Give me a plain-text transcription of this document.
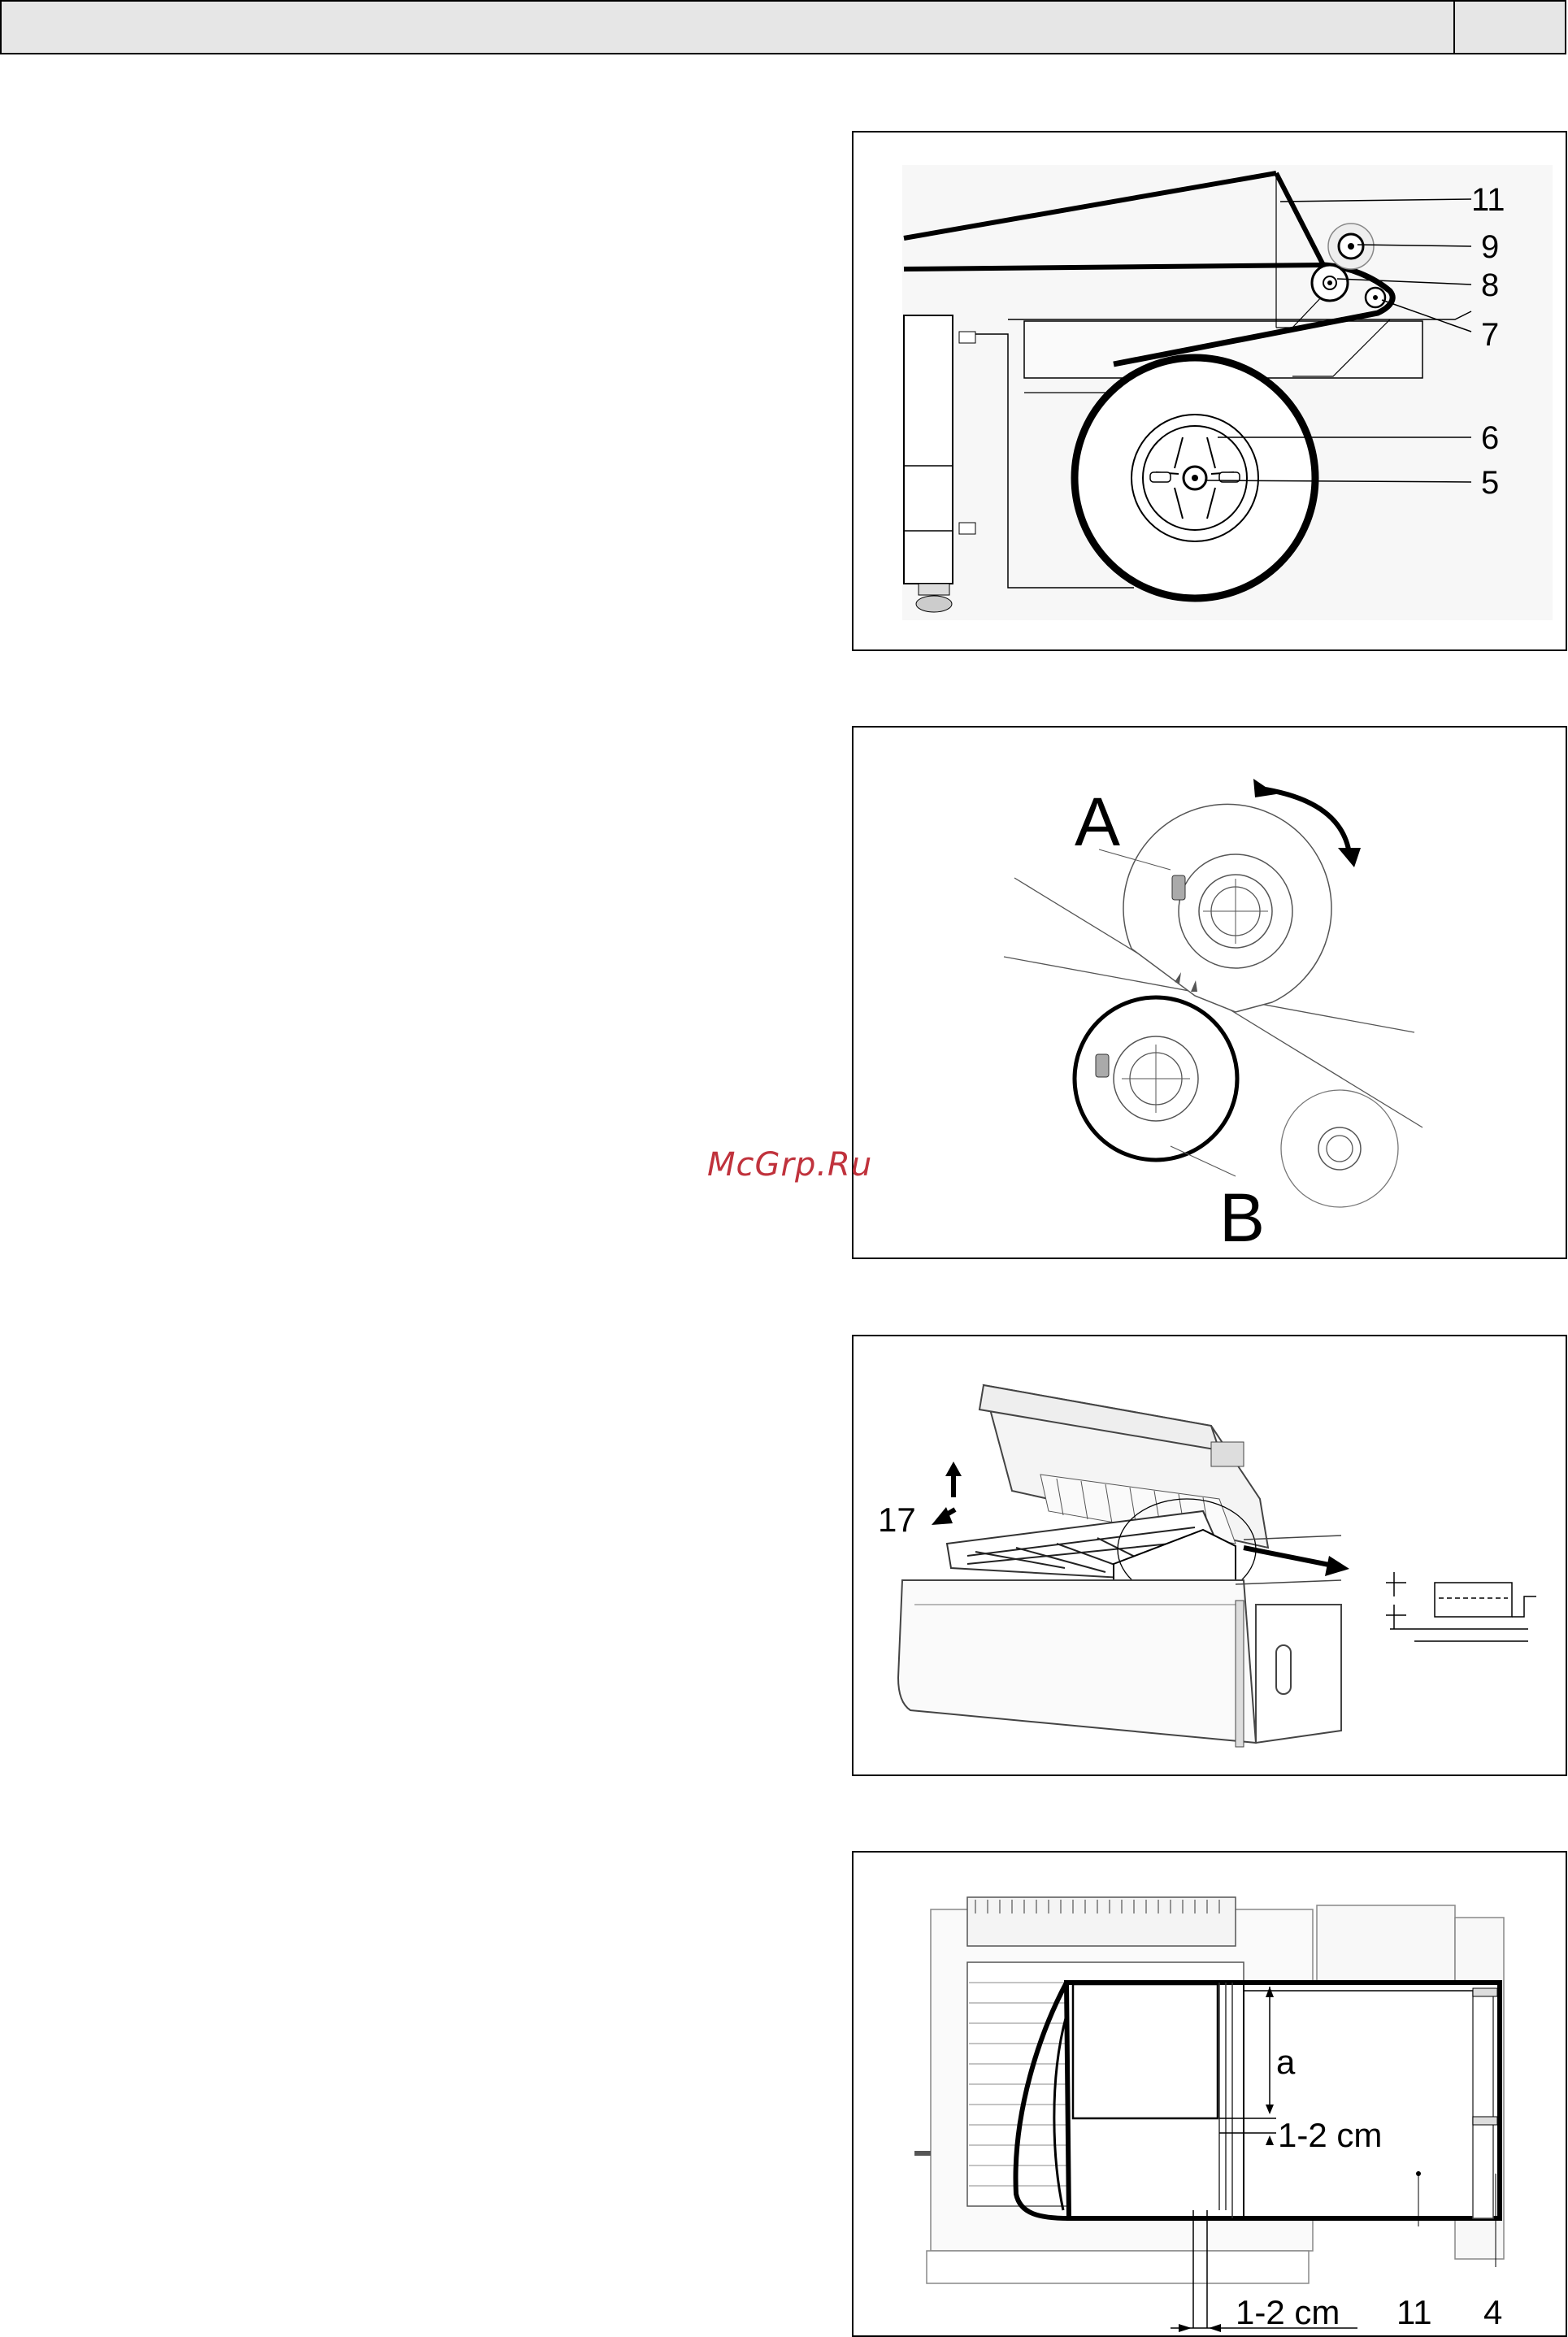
11
9
8
7
6
5
A
B
McGrp.Ru
17
a
1-2 cm
1-2 cm 11 4
